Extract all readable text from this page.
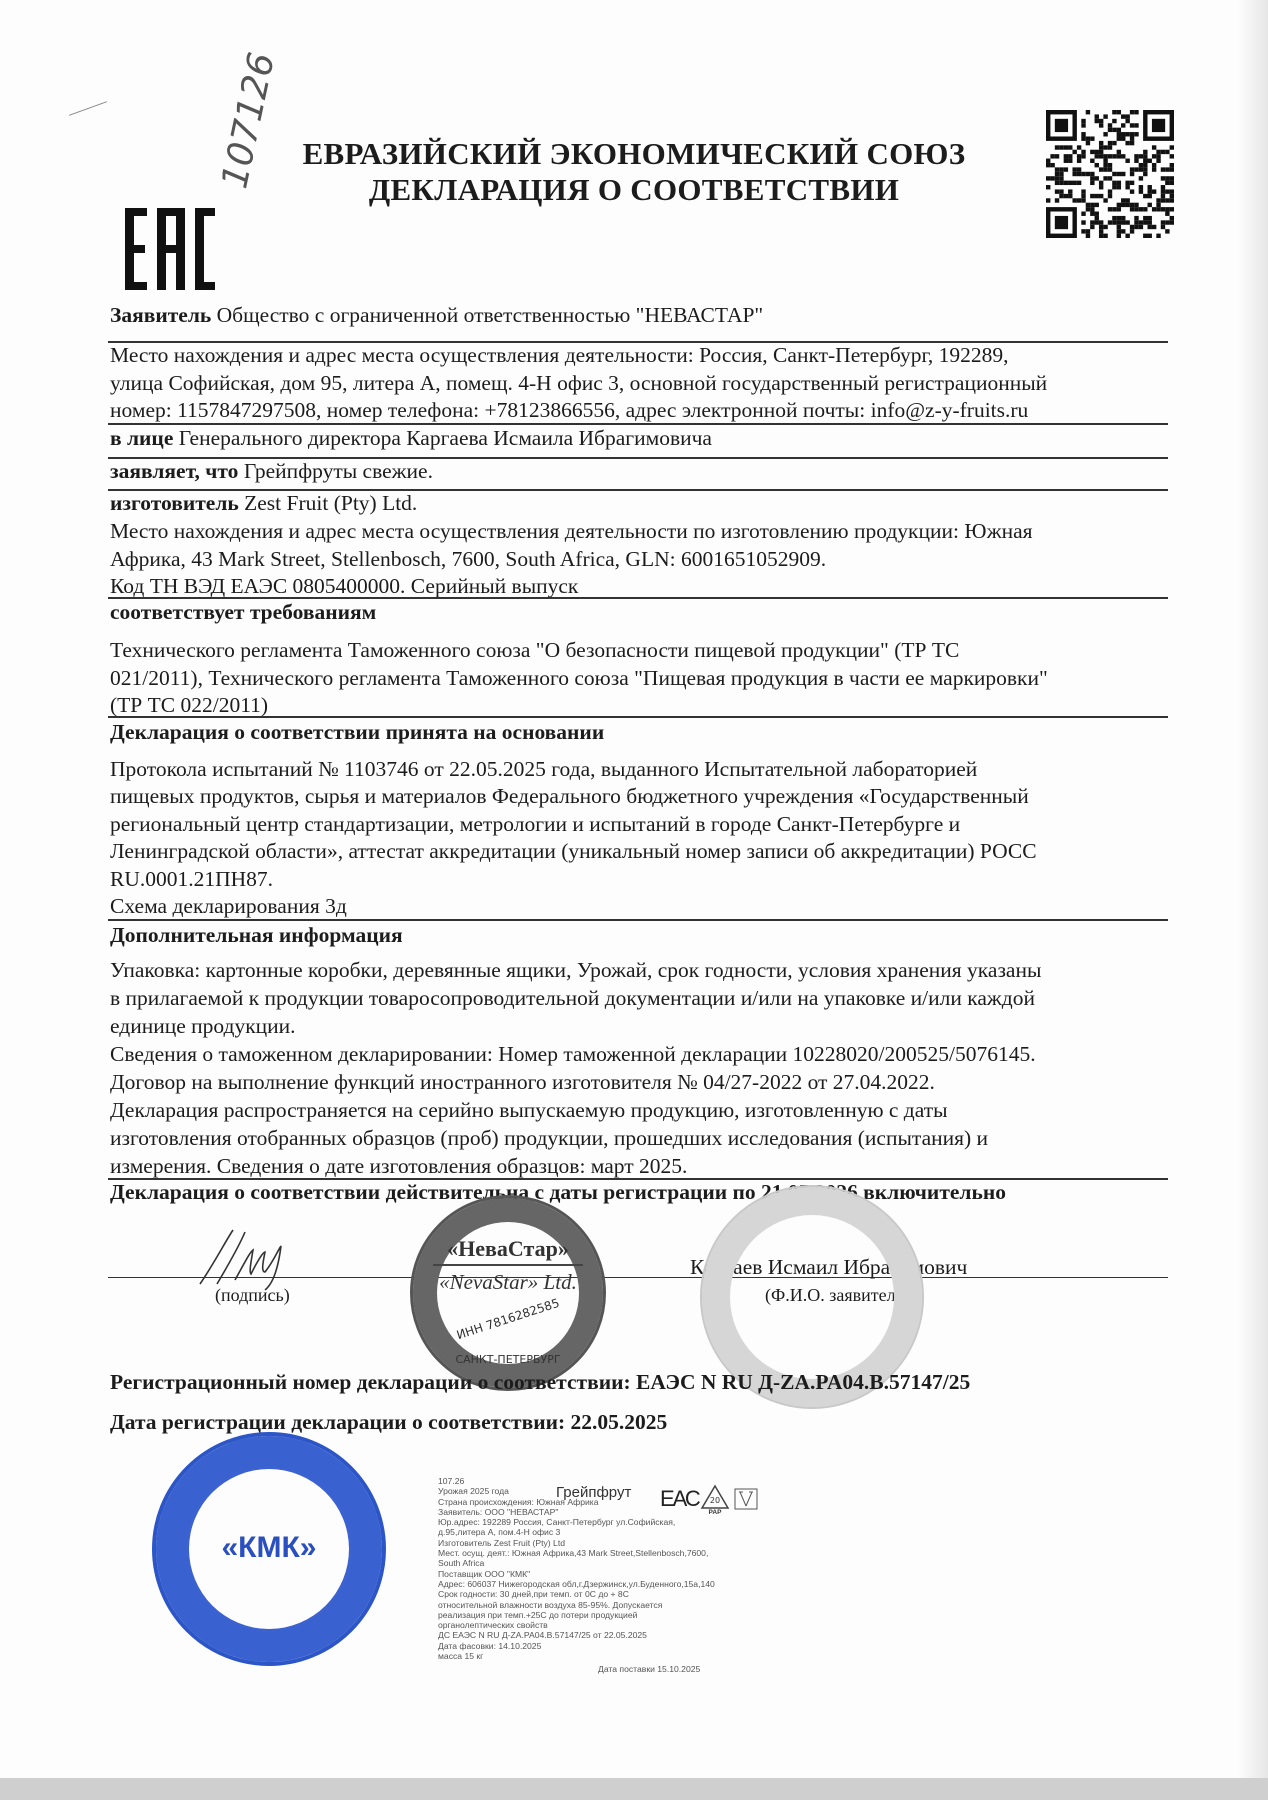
107126 ЕВРАЗИЙСКИЙ ЭКОНОМИЧЕСКИЙ СОЮЗ
ДЕКЛАРАЦИЯ О СООТВЕТСТВИИ
Заявитель Общество с ограниченной ответственностью "НЕВАСТАР"
Место нахождения и адрес места осуществления деятельности: Россия, Санкт-Петербург, 192289,
улица Софийская, дом 95, литера А, помещ. 4-Н офис 3, основной государственный регистрационный
номер: 1157847297508, номер телефона: +78123866556, адрес электронной почты: info@z-y-fruits.ru
в лице Генерального директора Каргаева Исмаила Ибрагимовича
заявляет, что Грейпфруты свежие.
изготовитель Zest Fruit (Pty) Ltd.
Место нахождения и адрес места осуществления деятельности по изготовлению продукции: Южная
Африка, 43 Mark Street, Stellenbosch, 7600, South Africa, GLN: 6001651052909.
Код ТН ВЭД ЕАЭС 0805400000. Серийный выпуск
соответствует требованиям
Технического регламента Таможенного союза "О безопасности пищевой продукции" (ТР ТС
021/2011), Технического регламента Таможенного союза "Пищевая продукция в части ее маркировки"
(ТР ТС 022/2011)
Декларация о соответствии принята на основании
Протокола испытаний № 1103746 от 22.05.2025 года, выданного Испытательной лабораторией
пищевых продуктов, сырья и материалов Федерального бюджетного учреждения «Государственный
региональный центр стандартизации, метрологии и испытаний в городе Санкт-Петербурге и
Ленинградской области», аттестат аккредитации (уникальный номер записи об аккредитации) РОСС
RU.0001.21ПН87.
Схема декларирования 3д
Дополнительная информация
Упаковка: картонные коробки, деревянные ящики, Урожай, срок годности, условия хранения указаны
в прилагаемой к продукции товаросопроводительной документации и/или на упаковке и/или каждой
единице продукции.
Сведения о таможенном декларировании: Номер таможенной декларации 10228020/200525/5076145.
Договор на выполнение функций иностранного изготовителя № 04/27-2022 от 27.04.2022.
Декларация распространяется на серийно выпускаемую продукцию, изготовленную с даты
изготовления отобранных образцов (проб) продукции, прошедших исследования (испытания) и
измерения. Сведения о дате изготовления образцов: март 2025.
Декларация о соответствии действительна с даты регистрации по 21.05.2026 включительно
Каргаев Исмаил Ибрагимович
(подпись)	(Ф.И.О. заявителя)
«НеваСтар»
«NevaStar» Ltd.
ИНН 7816282585
САНКТ-ПЕТЕРБУРГ
Регистрационный номер декларации о соответствии: ЕАЭС N RU Д-ZA.PA04.B.57147/25
Дата регистрации декларации о соответствии: 22.05.2025
«КМК»
Грейпфрут ЕАС 20
PAP
107.26
Урожая 2025 года
Страна происхождения: Южная Африка
Заявитель: ООО "НЕВАСТАР"
Юр.адрес: 192289 Россия, Санкт-Петербург ул.Софийская,
д.95,литера А, пом.4-Н офис 3
Изготовитель Zest Fruit (Pty) Ltd
Мест. осущ. деят.: Южная Африка,43 Mark Street,Stellenbosch,7600,
South Africa
Поставщик ООО "КМК"
Адрес: 606037 Нижегородская обл,г.Дзержинск,ул.Буденного,15а,140
Срок годности: 30 дней,при темп. от 0С до + 8С
относительной влажности воздуха 85-95%. Допускается
реализация при темп.+25С до потери продукцией
органолептических свойств
ДС ЕАЭС N RU Д-ZA.PA04.B.57147/25 от 22.05.2025
Дата фасовки: 14.10.2025
масса 15 кг
Дата поставки 15.10.2025
